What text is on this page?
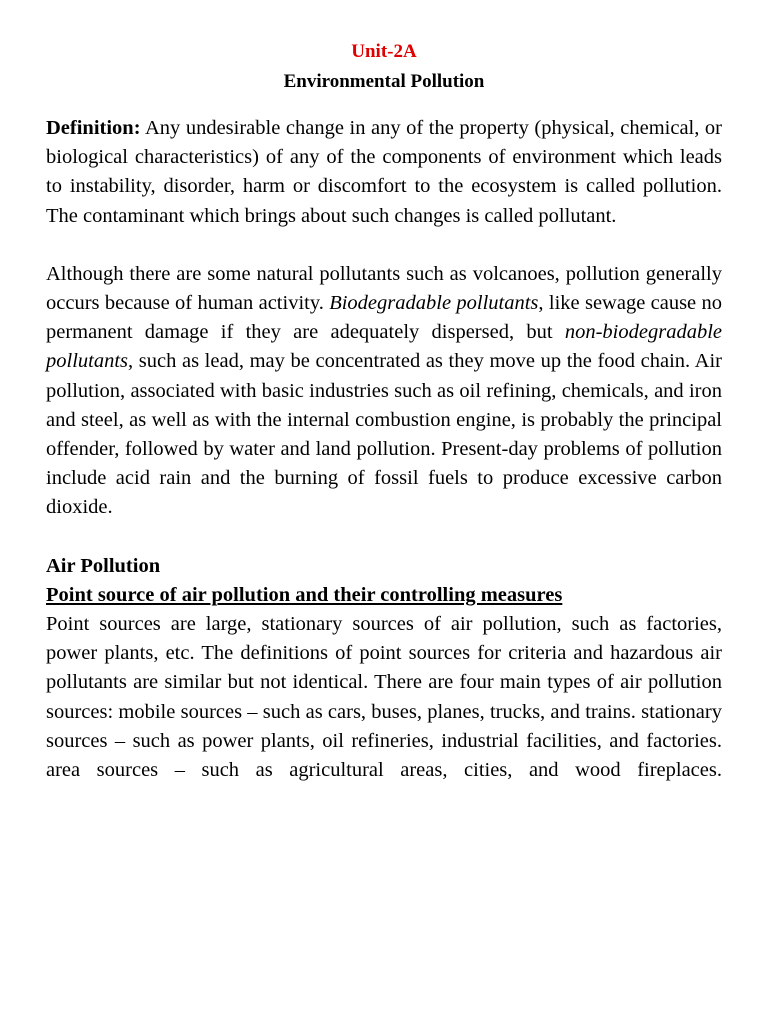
Unit-2A
Environmental Pollution

Definition: Any undesirable change in any of the property (physical, chemical, or biological characteristics) of any of the components of environment which leads to instability, disorder, harm or discomfort to the ecosystem is called pollution. The contaminant which brings about such changes is called pollutant.

Although there are some natural pollutants such as volcanoes, pollution generally occurs because of human activity. Biodegradable pollutants, like sewage cause no permanent damage if they are adequately dispersed, but non-biodegradable pollutants, such as lead, may be concentrated as they move up the food chain. Air pollution, associated with basic industries such as oil refining, chemicals, and iron and steel, as well as with the internal combustion engine, is probably the principal offender, followed by water and land pollution. Present-day problems of pollution include acid rain and the burning of fossil fuels to produce excessive carbon dioxide.

Air Pollution

Point source of air pollution and their controlling measures

Point sources are large, stationary sources of air pollution, such as factories, power plants, etc. The definitions of point sources for criteria and hazardous air pollutants are similar but not identical. There are four main types of air pollution sources: mobile sources – such as cars, buses, planes, trucks, and trains. stationary sources – such as power plants, oil refineries, industrial facilities, and factories. area sources – such as agricultural areas, cities, and wood fireplaces.
